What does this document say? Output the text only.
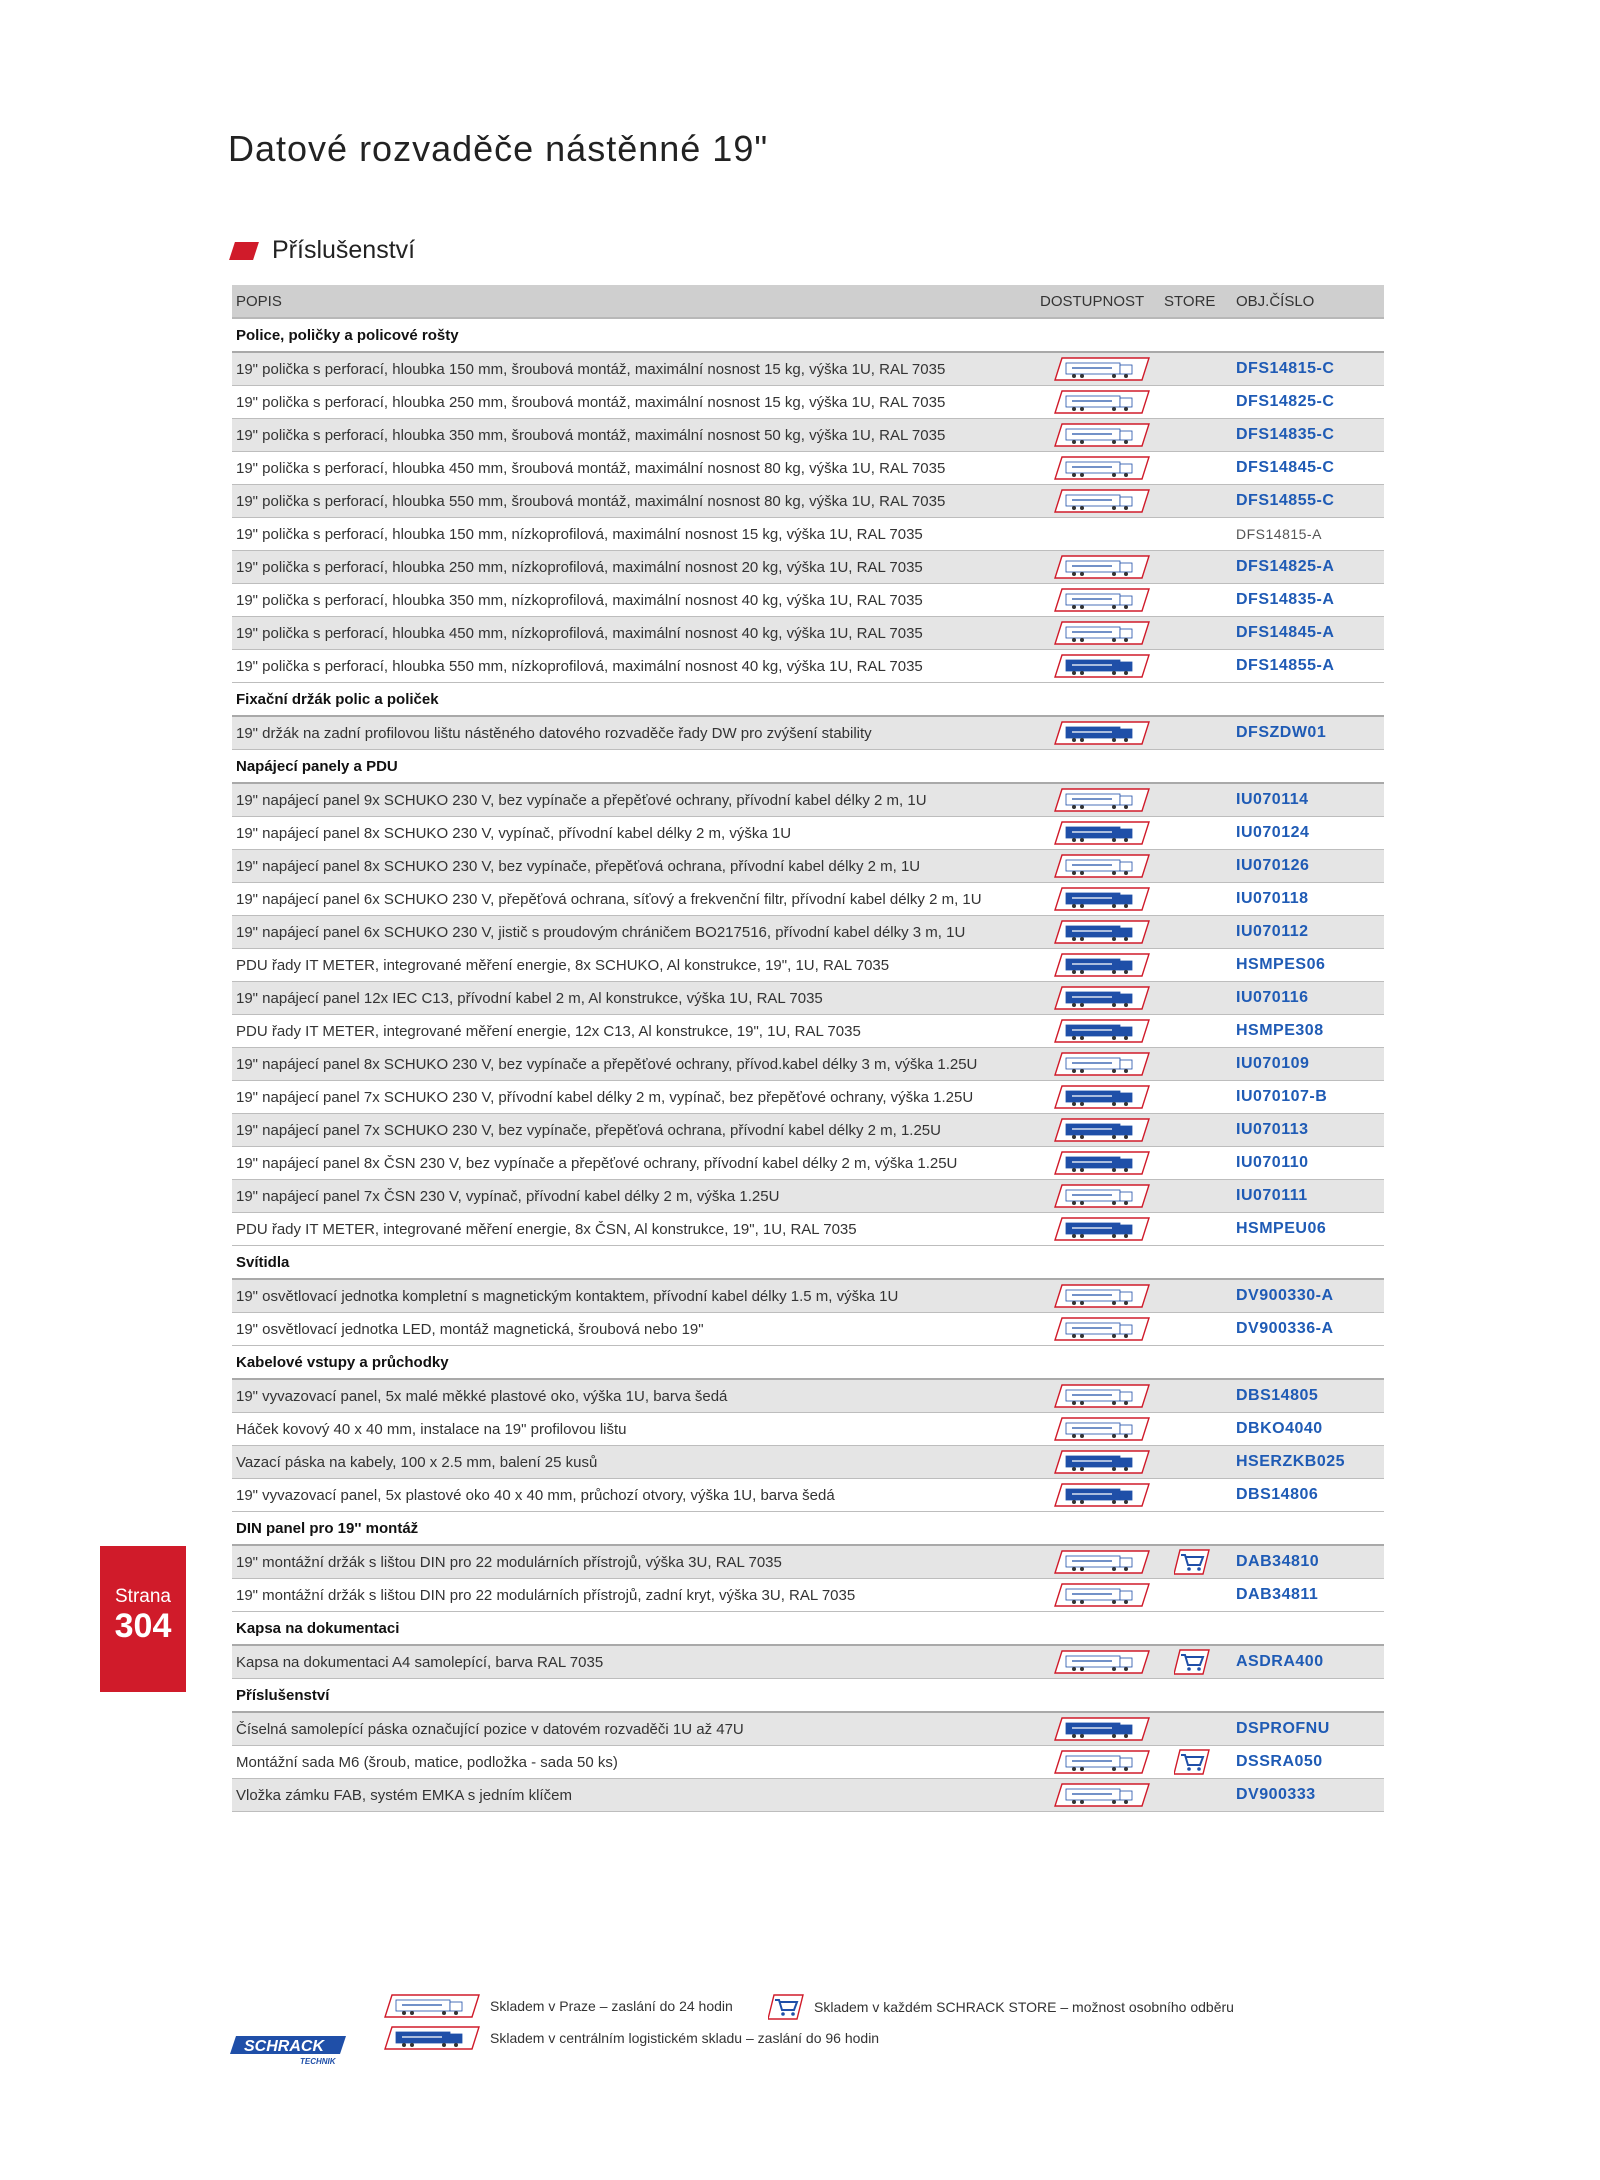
Datové rozvaděče nástěnné 19"
Příslušenství
POPIS	DOSTUPNOST	STORE	OBJ.ČÍSLO
Police, poličky a policové rošty
19" polička s perforací, hloubka 150 mm, šroubová montáž, maximální nosnost 15 kg, výška 1U, RAL 7035	DFS14815-C
19" polička s perforací, hloubka 250 mm, šroubová montáž, maximální nosnost 15 kg, výška 1U, RAL 7035	DFS14825-C
19" polička s perforací, hloubka 350 mm, šroubová montáž, maximální nosnost 50 kg, výška 1U, RAL 7035	DFS14835-C
19" polička s perforací, hloubka 450 mm, šroubová montáž, maximální nosnost 80 kg, výška 1U, RAL 7035	DFS14845-C
19" polička s perforací, hloubka 550 mm, šroubová montáž, maximální nosnost 80 kg, výška 1U, RAL 7035	DFS14855-C
19" polička s perforací, hloubka 150 mm, nízkoprofilová, maximální nosnost 15 kg, výška 1U, RAL 7035	DFS14815-A
19" polička s perforací, hloubka 250 mm, nízkoprofilová, maximální nosnost 20 kg, výška 1U, RAL 7035	DFS14825-A
19" polička s perforací, hloubka 350 mm, nízkoprofilová, maximální nosnost 40 kg, výška 1U, RAL 7035	DFS14835-A
19" polička s perforací, hloubka 450 mm, nízkoprofilová, maximální nosnost 40 kg, výška 1U, RAL 7035	DFS14845-A
19" polička s perforací, hloubka 550 mm, nízkoprofilová, maximální nosnost 40 kg, výška 1U, RAL 7035	DFS14855-A
Fixační držák polic a poliček
19" držák na zadní profilovou lištu nástěného datového rozvaděče řady DW pro zvýšení stability	DFSZDW01
Napájecí panely a PDU
19" napájecí panel 9x SCHUKO 230 V, bez vypínače a přepěťové ochrany, přívodní kabel délky 2 m, 1U	IU070114
19" napájecí panel 8x SCHUKO 230 V, vypínač, přívodní kabel délky 2 m, výška 1U	IU070124
19" napájecí panel 8x SCHUKO 230 V, bez vypínače, přepěťová ochrana, přívodní kabel délky 2 m, 1U	IU070126
19" napájecí panel 6x SCHUKO 230 V, přepěťová ochrana, síťový a frekvenční filtr, přívodní kabel délky 2 m, 1U	IU070118
19" napájecí panel 6x SCHUKO 230 V, jistič s proudovým chráničem BO217516, přívodní kabel délky 3 m, 1U	IU070112
PDU řady IT METER, integrované měření energie, 8x SCHUKO, Al konstrukce, 19", 1U, RAL 7035	HSMPES06
19" napájecí panel 12x IEC C13, přívodní kabel 2 m, Al konstrukce, výška 1U, RAL 7035	IU070116
PDU řady IT METER, integrované měření energie, 12x C13, Al konstrukce, 19", 1U, RAL 7035	HSMPE308
19" napájecí panel 8x SCHUKO 230 V, bez vypínače a přepěťové ochrany, přívod.kabel délky 3 m, výška 1.25U	IU070109
19" napájecí panel 7x SCHUKO 230 V, přívodní kabel délky 2 m, vypínač, bez přepěťové ochrany, výška 1.25U	IU070107-B
19" napájecí panel 7x SCHUKO 230 V, bez vypínače, přepěťová ochrana, přívodní kabel délky 2 m, 1.25U	IU070113
19" napájecí panel 8x ČSN 230 V, bez vypínače a přepěťové ochrany, přívodní kabel délky 2 m, výška 1.25U	IU070110
19" napájecí panel 7x ČSN 230 V, vypínač, přívodní kabel délky 2 m, výška 1.25U	IU070111
PDU řady IT METER, integrované měření energie, 8x ČSN, Al konstrukce, 19", 1U, RAL 7035	HSMPEU06
Svítidla
19" osvětlovací jednotka kompletní s magnetickým kontaktem, přívodní kabel délky 1.5 m, výška 1U	DV900330-A
19" osvětlovací jednotka LED, montáž magnetická, šroubová nebo 19"	DV900336-A
Kabelové vstupy a průchodky
19" vyvazovací panel, 5x malé měkké plastové oko, výška 1U, barva šedá	DBS14805
Háček kovový 40 x 40 mm, instalace na 19" profilovou lištu	DBKO4040
Vazací páska na kabely, 100 x 2.5 mm, balení 25 kusů	HSERZKB025
19" vyvazovací panel, 5x plastové oko 40 x 40 mm, průchozí otvory, výška 1U, barva šedá	DBS14806
DIN panel pro 19'' montáž
19" montážní držák s lištou DIN pro 22 modulárních přístrojů, výška 3U, RAL 7035	DAB34810
19" montážní držák s lištou DIN pro 22 modulárních přístrojů, zadní kryt, výška 3U, RAL 7035	DAB34811
Kapsa na dokumentaci
Kapsa na dokumentaci A4 samolepící, barva RAL 7035	ASDRA400
Příslušenství
Číselná samolepící páska označující pozice v datovém rozvaděči 1U až 47U	DSPROFNU
Montážní sada M6 (šroub, matice, podložka - sada 50 ks)	DSSRA050
Vložka zámku FAB, systém EMKA s jedním klíčem	DV900333
Strana
304
SCHRACK
TECHNIK
Skladem v Praze – zaslání do 24 hodin
Skladem v centrálním logistickém skladu – zaslání do 96 hodin
Skladem v každém SCHRACK STORE – možnost osobního odběru
